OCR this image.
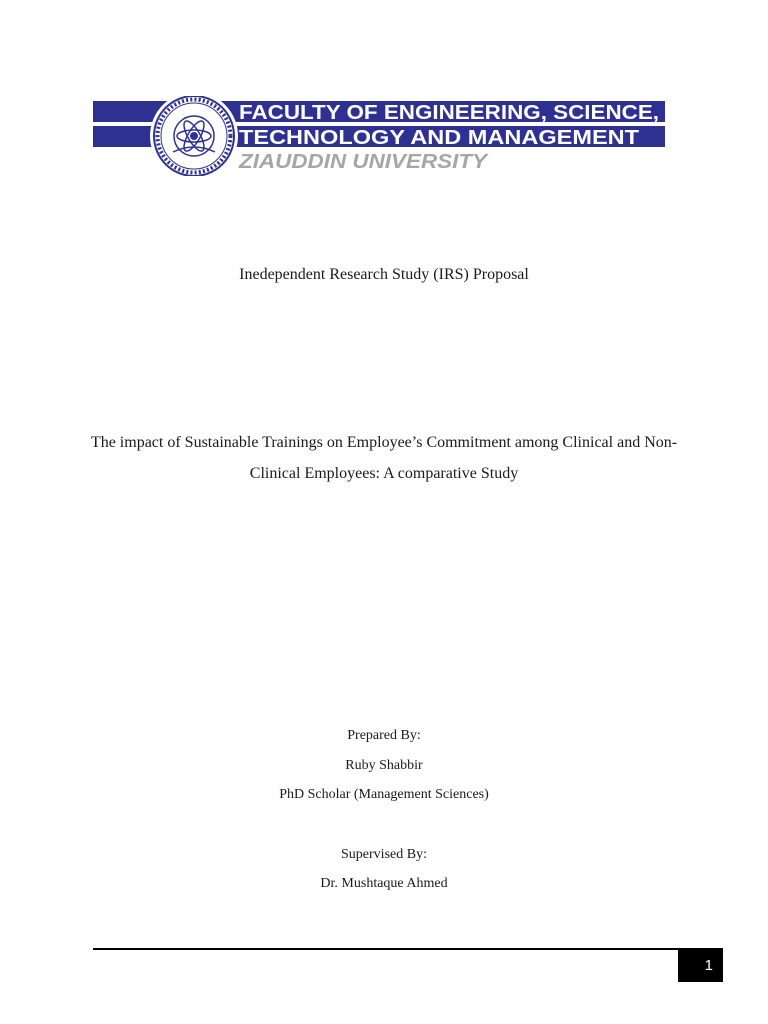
FACULTY OF ENGINEERING, SCIENCE,
TECHNOLOGY AND MANAGEMENT
ZIAUDDIN UNIVERSITY
Inedependent Research Study (IRS) Proposal
The impact of Sustainable Trainings on Employee’s Commitment among Clinical and Non-Clinical Employees: A comparative Study
Prepared By:
Ruby Shabbir
PhD Scholar (Management Sciences)
Supervised By:
Dr. Mushtaque Ahmed
1
